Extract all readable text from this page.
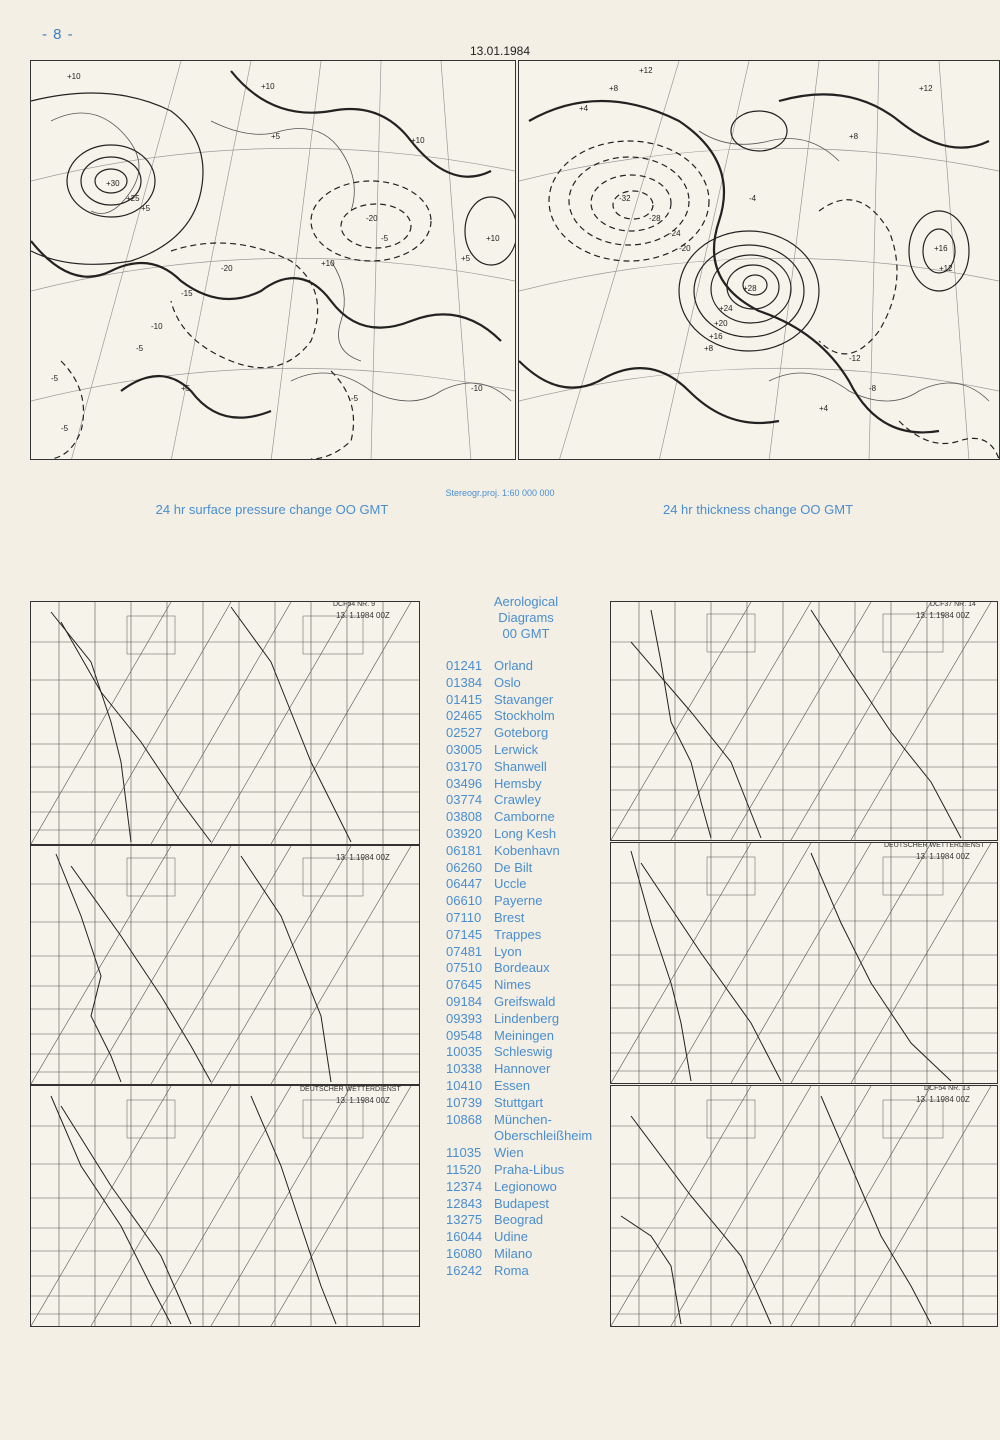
- 8 -
13.01.1984
+10
+10
+10
+30
+25
+5
+5
-20
-15
-10
-5
-5
-5
+5
+10
+5
-20
-5
+10
-5
-10
+12
+8
+4
-32
-28
-24
-20
+28
+24
+20
+16
+8
+16
+12
-12
-8
+4
+8
+12
-4
24 hr surface pressure change OO GMT
Stereogr.proj. 1:60 000 000
24 hr thickness change OO GMT
DCF54 NR. 9
13. 1.1984 00Z
13. 1.1984 00Z
DEUTSCHER WETTERDIENST
13. 1.1984 00Z
DCF37 NR. 14
13. 1.1984 00Z
DEUTSCHER WETTERDIENST
13. 1.1984 00Z
DCF54 NR. 13
13. 1.1984 00Z
Aerological
Diagrams
00 GMT
01241 Orland
01384 Oslo
01415 Stavanger
02465 Stockholm
02527 Goteborg
03005 Lerwick
03170 Shanwell
03496 Hemsby
03774 Crawley
03808 Camborne
03920 Long Kesh
06181 Kobenhavn
06260 De Bilt
06447 Uccle
06610 Payerne
07110 Brest
07145 Trappes
07481 Lyon
07510 Bordeaux
07645 Nimes
09184 Greifswald
09393 Lindenberg
09548 Meiningen
10035 Schleswig
10338 Hannover
10410 Essen
10739 Stuttgart
10868 München-
Oberschleißheim
11035 Wien
11520 Praha-Libus
12374 Legionowo
12843 Budapest
13275 Beograd
16044 Udine
16080 Milano
16242 Roma
